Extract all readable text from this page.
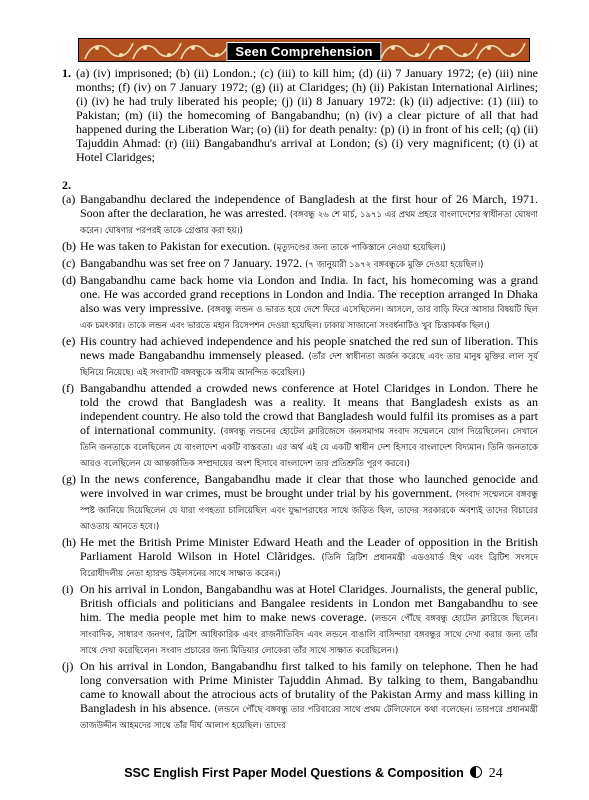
Seen Comprehension
1. (a) (iv) imprisoned; (b) (ii) London.; (c) (iii) to kill him; (d) (ii) 7 January 1972; (e) (iii) nine months; (f) (iv) on 7 January 1972; (g) (ii) at Claridges; (h) (ii) Pakistan International Airlines; (i) (iv) he had truly liberated his people; (j) (ii) 8 January 1972: (k) (ii) adjective: (1) (iii) to Pakistan; (m) (ii) the homecoming of Bangabandhu; (n) (iv) a clear picture of all that had happened during the Liberation War; (o) (ii) for death penalty: (p) (i) in front of his cell; (q) (ii) Tajuddin Ahmad: (r) (iii) Bangabandhu's arrival at London; (s) (i) very magnificent; (t) (i) at Hotel Claridges;
2.
(a) Bangabandhu declared the independence of Bangladesh at the first hour of 26 March, 1971. Soon after the declaration, he was arrested. (বঙ্গবন্ধু ২৬ শে মার্চ, ১৯৭১ এর প্রথম প্রহরে বাংলাদেশের স্বাধীনতা ঘোষণা করেন। ঘোষণার পরপরই তাকে গ্রেপ্তার করা হয়।)
(b) He was taken to Pakistan for execution. (মৃত্যুদণ্ডের জন্য তাকে পাকিস্তানে নেওয়া হয়েছিল।)
(c) Bangabandhu was set free on 7 January. 1972. (৭ জানুয়ারী ১৯৭২ বঙ্গবন্ধুকে মুক্তি দেওয়া হয়েছিল।)
(d) Bangabandhu came back home via London and India. In fact, his homecoming was a grand one. He was accorded grand receptions in London and India. The reception arranged In Dhaka also was very impressive. (বঙ্গবন্ধু লন্ডন ও ভারত হয়ে দেশে ফিরে এসেছিলেন। আসলে, তার বাড়ি ফিরে আসার বিষয়টি ছিল এক চমৎকার। তাকে লন্ডন এবং ভারতে মহান রিসেপশন দেওয়া হয়েছিল। ঢাকায় সাজানো সংবর্ধনাটিও খুব চিত্তাকর্ষক ছিল।)
(e) His country had achieved independence and his people snatched the red sun of liberation. This news made Bangabandhu immensely pleased. (তাঁর দেশ স্বাধীনতা অর্জন করেছে এবং তার মানুষ মুক্তির লাল সূর্য ছিনিয়ে নিয়েছে। এই সংবাদটি বঙ্গবন্ধুকে অসীম আনন্দিত করেছিল।)
(f) Bangabandhu attended a crowded news conference at Hotel Claridges in London. There he told the crowd that Bangladesh was a reality. It means that Bangladesh exists as an independent country. He also told the crowd that Bangladesh would fulfil its promises as a part of international community. (বঙ্গবন্ধু লন্ডনের হোটেল ক্লারিজেসে জনসমাগম সংবাদ সম্মেলনে যোগ দিয়েছিলেন। সেখানে তিনি জনতাকে বলেছিলেন যে বাংলাদেশ একটি বাস্তবতা। এর অর্থ এই যে একটি স্বাধীন দেশ হিসাবে বাংলাদেশ বিদ্যমান। তিনি জনতাকে আরও বলেছিলেন যে আন্তর্জাতিক সম্প্রদায়ের অংশ হিসাবে বাংলাদেশ তার প্রতিশ্রুতি পূরণ করবে।)
(g) In the news conference, Bangabandhu made it clear that those who launched genocide and were involved in war crimes, must be brought under trial by his government. (সংবাদ সম্মেলনে বঙ্গবন্ধু স্পষ্ট জানিয়ে দিয়েছিলেন যে যারা গণহত্যা চালিয়েছিল এবং যুদ্ধাপরাধের সাথে জড়িত ছিল, তাদের সরকারকে অবশ্যই তাদের বিচারের আওতায় আনতে হবে।)
(h) He met the British Prime Minister Edward Heath and the Leader of opposition in the British Parliament Harold Wilson in Hotel Clãridges. (তিনি ব্রিটিশ প্রধানমন্ত্রী এডওয়ার্ড হিথ এবং ব্রিটিশ সংসদে বিরোধীদলীয় নেতা হ্যারল্ড উইলসনের সাথে সাক্ষাত করেন।)
(i) On his arrival in London, Bangabandhu was at Hotel Claridges. Journalists, the general public, British officials and politicians and Bangalee residents in London met Bangabandhu to see him. The media people met him to make news coverage. (লন্ডনে পৌঁছে বঙ্গবন্ধু হোটেল ক্লারিজে ছিলেন। সাংবাদিক, সাধারণ জনগণ, ব্রিটিশ আধিকারিক এবং রাজনীতিবিদ এবং লন্ডনে বাঙালি বাসিন্দারা বঙ্গবন্ধুর সাথে দেখা করার জন্য তাঁর সাথে দেখা করেছিলেন। সংবাদ প্রচারের জন্য মিডিয়ার লোকেরা তাঁর সাথে সাক্ষাত করেছিলেন।)
(j) On his arrival in London, Bangabandhu first talked to his family on telephone. Then he had long conversation with Prime Minister Tajuddin Ahmad. By talking to them, Bangabandhu came to knowall about the atrocious acts of brutality of the Pakistan Army and mass killing in Bangladesh in his absence. (লন্ডনে পৌঁছে বঙ্গবন্ধু তার পরিবারের সাথে প্রথম টেলিফোনে কথা বলেছেন। তারপরে প্রধানমন্ত্রী তাজউদ্দীন আহমদের সাথে তাঁর দীর্ঘ আলাপ হয়েছিল। তাদের
SSC English First Paper Model Questions & Composition 24
